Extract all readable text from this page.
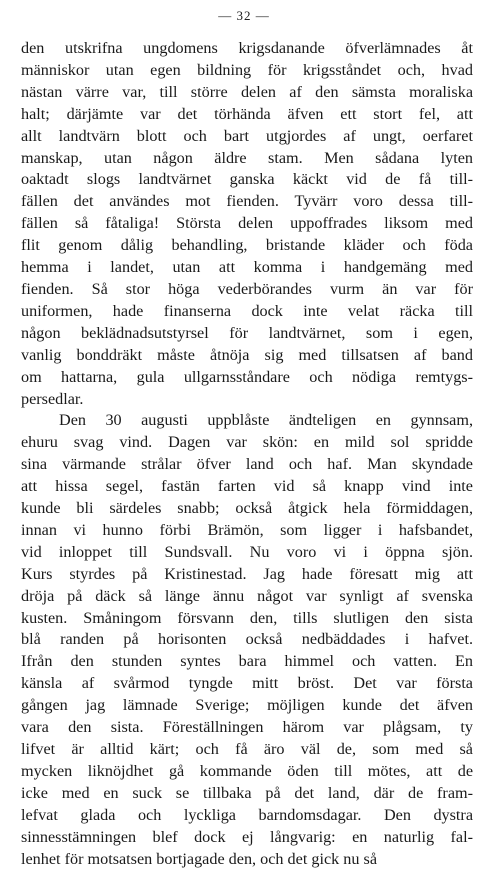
— 32 —
den utskrifna ungdomens krigsdanande öfverlämnades åt
människor utan egen bildning för krigsståndet och, hvad
nästan värre var, till större delen af den sämsta moraliska
halt; därjämte var det törhända äfven ett stort fel, att
allt landtvärn blott och bart utgjordes af ungt, oerfaret
manskap, utan någon äldre stam. Men sådana lyten
oaktadt slogs landtvärnet ganska käckt vid de få till-
fällen det användes mot fienden. Tyvärr voro dessa till-
fällen så fåtaliga! Största delen uppoffrades liksom med
flit genom dålig behandling, bristande kläder och föda
hemma i landet, utan att komma i handgemäng med
fienden. Så stor höga vederbörandes vurm än var för
uniformen, hade finanserna dock inte velat räcka till
någon beklädnadsutstyrsel för landtvärnet, som i egen,
vanlig bonddräkt måste åtnöja sig med tillsatsen af band
om hattarna, gula ullgarnsståndare och nödiga remtygs-
persedlar.
Den 30 augusti uppblåste ändteligen en gynnsam,
ehuru svag vind. Dagen var skön: en mild sol spridde
sina värmande strålar öfver land och haf. Man skyndade
att hissa segel, fastän farten vid så knapp vind inte
kunde bli särdeles snabb; också åtgick hela förmiddagen,
innan vi hunno förbi Brämön, som ligger i hafsbandet,
vid inloppet till Sundsvall. Nu voro vi i öppna sjön.
Kurs styrdes på Kristinestad. Jag hade föresatt mig att
dröja på däck så länge ännu något var synligt af svenska
kusten. Småningom försvann den, tills slutligen den sista
blå randen på horisonten också nedbäddades i hafvet.
Ifrån den stunden syntes bara himmel och vatten. En
känsla af svårmod tyngde mitt bröst. Det var första
gången jag lämnade Sverige; möjligen kunde det äfven
vara den sista. Föreställningen härom var plågsam, ty
lifvet är alltid kärt; och få äro väl de, som med så
mycken liknöjdhet gå kommande öden till mötes, att de
icke med en suck se tillbaka på det land, där de fram-
lefvat glada och lyckliga barndomsdagar. Den dystra
sinnesstämningen blef dock ej långvarig: en naturlig fal-
lenhet för motsatsen bortjagade den, och det gick nu så
